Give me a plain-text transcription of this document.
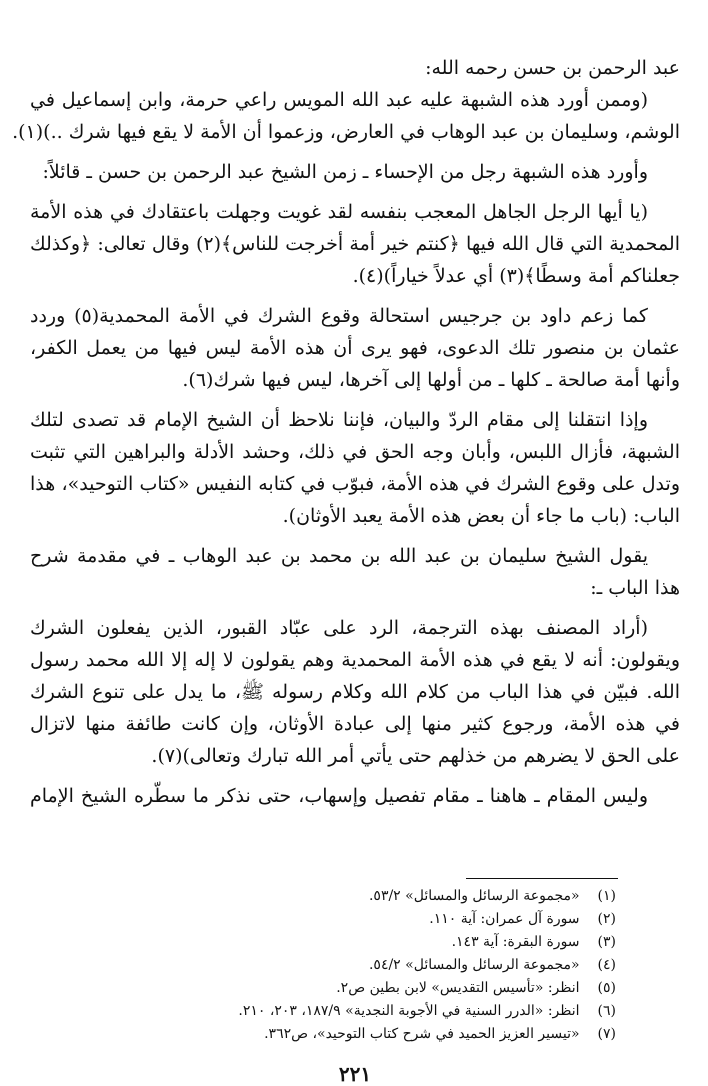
عبد الرحمن بن حسن رحمه الله:

(وممن أورد هذه الشبهة عليه عبد الله المويس راعي حرمة، وابن إسماعيل في

الوشم، وسليمان بن عبد الوهاب في العارض، وزعموا أن الأمة لا يقع فيها شرك ..)(١).

وأورد هذه الشبهة رجل من الإحساء ـ زمن الشيخ عبد الرحمن بن حسن ـ قائلاً:

(يا أيها الرجل الجاهل المعجب بنفسه لقد غويت وجهلت باعتقادك في هذه الأمة

المحمدية التي قال الله فيها ﴿كنتم خير أمة أخرجت للناس﴾(٢) وقال تعالى: ﴿وكذلك

جعلناكم أمة وسطًا﴾(٣) أي عدلاً خياراً)(٤).

كما زعم داود بن جرجيس استحالة وقوع الشرك في الأمة المحمدية(٥) وردد

عثمان بن منصور تلك الدعوى، فهو يرى أن هذه الأمة ليس فيها من يعمل الكفر،

وأنها أمة صالحة ـ كلها ـ من أولها إلى آخرها، ليس فيها شرك(٦).

وإذا انتقلنا إلى مقام الردّ والبيان، فإننا نلاحظ أن الشيخ الإمام قد تصدى لتلك

الشبهة، فأزال اللبس، وأبان وجه الحق في ذلك، وحشد الأدلة والبراهين التي تثبت

وتدل على وقوع الشرك في هذه الأمة، فبوّب في كتابه النفيس «كتاب التوحيد»، هذا

الباب: (باب ما جاء أن بعض هذه الأمة يعبد الأوثان).

يقول الشيخ سليمان بن عبد الله بن محمد بن عبد الوهاب ـ في مقدمة شرح

هذا الباب ـ:

(أراد المصنف بهذه الترجمة، الرد على عبّاد القبور، الذين يفعلون الشرك

ويقولون: أنه لا يقع في هذه الأمة المحمدية وهم يقولون لا إله إلا الله محمد رسول

الله. فبيّن في هذا الباب من كلام الله وكلام رسوله ﷺ، ما يدل على تنوع الشرك

في هذه الأمة، ورجوع كثير منها إلى عبادة الأوثان، وإن كانت طائفة منها لاتزال

على الحق لا يضرهم من خذلهم حتى يأتي أمر الله تبارك وتعالى)(٧).

وليس المقام ـ هاهنا ـ مقام تفصيل وإسهاب، حتى نذكر ما سطّره الشيخ الإمام

(١) «مجموعة الرسائل والمسائل» ٥٣/٢.

(٢) سورة آل عمران: آية ١١٠.

(٣) سورة البقرة: آية ١٤٣.

(٤) «مجموعة الرسائل والمسائل» ٥٤/٢.

(٥) انظر: «تأسيس التقديس» لابن بطين ص٢.

(٦) انظر: «الدرر السنية في الأجوبة النجدية» ١٨٧/٩، ٢٠٣، ٢١٠.

(٧) «تيسير العزيز الحميد في شرح كتاب التوحيد»، ص٣٦٢.

٢٢١
